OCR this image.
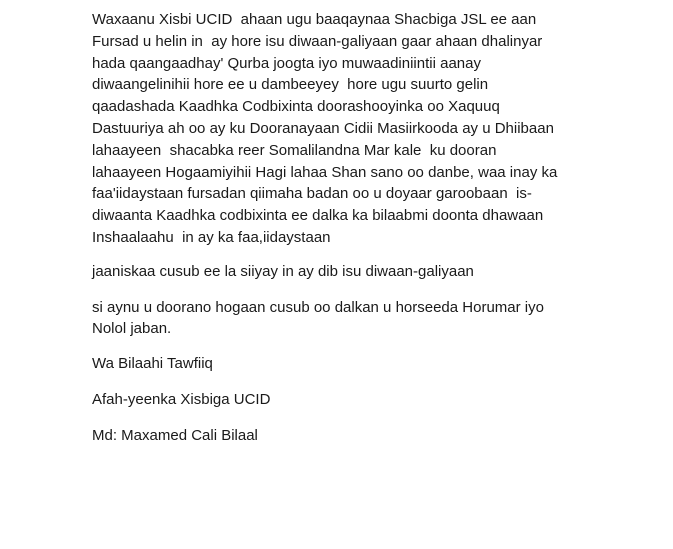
Waxaanu Xisbi UCID  ahaan ugu baaqaynaa Shacbiga JSL ee aan
Fursad u helin in  ay hore isu diwaan-galiyaan gaar ahaan dhalinyar
hada qaangaadhay' Qurba joogta iyo muwaadiniintii aanay
diwaangelinihii hore ee u dambeeyey  hore ugu suurto gelin
qaadashada Kaadhka Codbixinta doorashooyinka oo Xaquuq
Dastuuriya ah oo ay ku Dooranayaan Cidii Masiirkooda ay u Dhiibaan
lahaayeen  shacabka reer Somalilandna Mar kale  ku dooran
lahaayeen Hogaamiyihii Hagi lahaa Shan sano oo danbe, waa inay ka
faa'iidaystaan fursadan qiimaha badan oo u doyaar garoobaan  is-
diwaanta Kaadhka codbixinta ee dalka ka bilaabmi doonta dhawaan
Inshaalaahu  in ay ka faa,iidaystaan

jaaniskaa cusub ee la siiyay in ay dib isu diwaan-galiyaan

si aynu u doorano hogaan cusub oo dalkan u horseeda Horumar iyo
Nolol jaban.

Wa Bilaahi Tawfiiq

Afah-yeenka Xisbiga UCID

Md: Maxamed Cali Bilaal
